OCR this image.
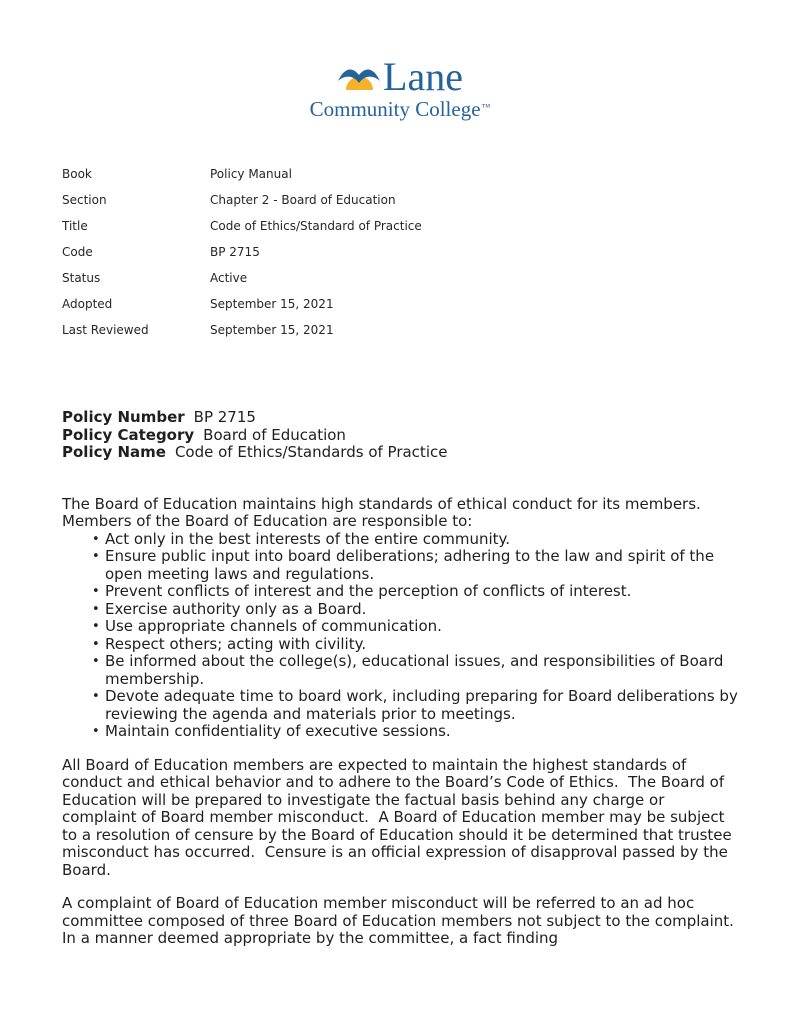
Lane
Community College™
Book	Policy Manual
Section	Chapter 2 - Board of Education
Title	Code of Ethics/Standard of Practice
Code	BP 2715
Status	Active
Adopted	September 15, 2021
Last Reviewed	September 15, 2021
Policy Number BP 2715
Policy Category Board of Education
Policy Name Code of Ethics/Standards of Practice

The Board of Education maintains high standards of ethical conduct for its members. Members of the Board of Education are responsible to:

• Act only in the best interests of the entire community.
• Ensure public input into board deliberations; adhering to the law and spirit of the open meeting laws and regulations.
• Prevent conflicts of interest and the perception of conflicts of interest.
• Exercise authority only as a Board.
• Use appropriate channels of communication.
• Respect others; acting with civility.
• Be informed about the college(s), educational issues, and responsibilities of Board membership.
• Devote adequate time to board work, including preparing for Board deliberations by reviewing the agenda and materials prior to meetings.
• Maintain confidentiality of executive sessions.

All Board of Education members are expected to maintain the highest standards of conduct and ethical behavior and to adhere to the Board’s Code of Ethics.  The Board of Education will be prepared to investigate the factual basis behind any charge or complaint of Board member misconduct.  A Board of Education member may be subject to a resolution of censure by the Board of Education should it be determined that trustee misconduct has occurred.  Censure is an official expression of disapproval passed by the Board.

A complaint of Board of Education member misconduct will be referred to an ad hoc committee composed of three Board of Education members not subject to the complaint.  In a manner deemed appropriate by the committee, a fact finding
